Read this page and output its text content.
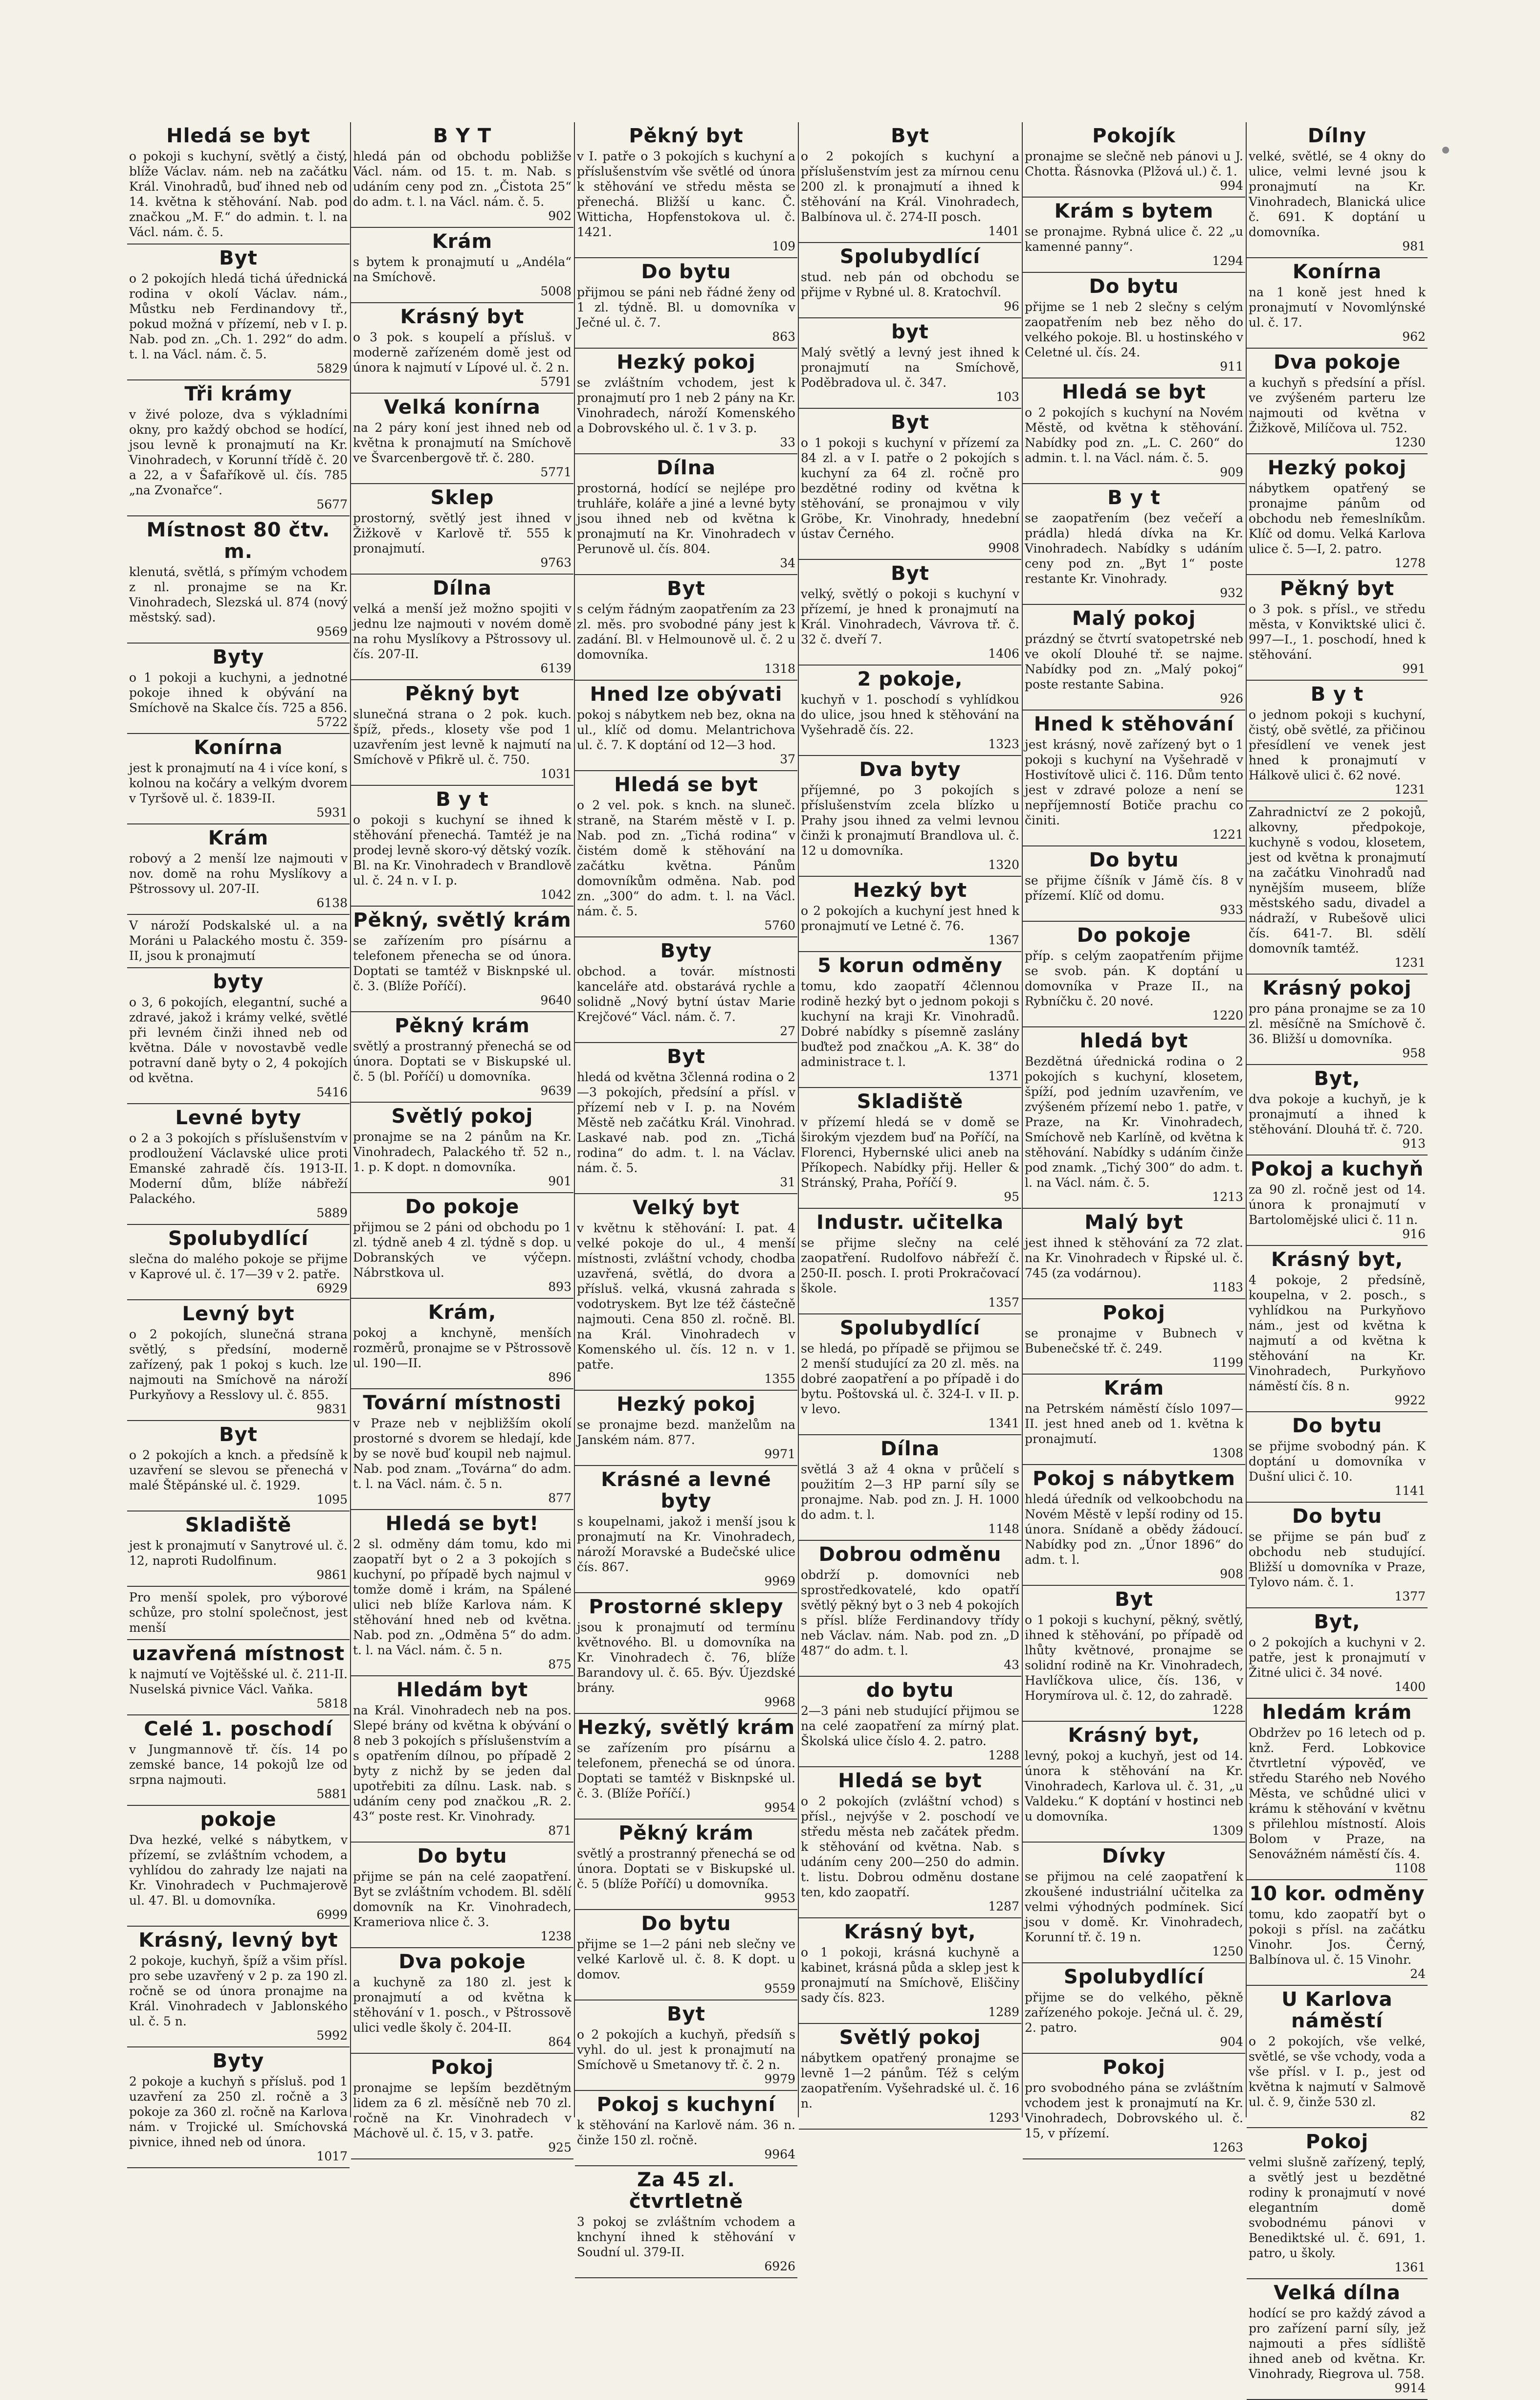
Hledá se byt

o pokoji s kuchyní, světlý a čistý, blíže Václav. nám. neb na začátku Král. Vinohradů, buď ihned neb od 14. května k stěhování. Nab. pod značkou „M. F.“ do admin. t. l. na Václ. nám. č. 5.

Byt

o 2 pokojích hledá tichá úřednická rodina v okolí Václav. nám., Můstku neb Ferdinandovy tř., pokud možná v přízemí, neb v I. p. Nab. pod zn. „Ch. 1. 292“ do adm. t. l. na Václ. nám. č. 5.

5829
Tři krámy

v živé poloze, dva s výkladními okny, pro každý obchod se hodící, jsou levně k pronajmutí na Kr. Vinohradech, v Korunní třídě č. 20 a 22, a v Šafaříkově ul. čís. 785 „na Zvonařce“.

5677
Místnost 80 čtv. m.

klenutá, světlá, s přímým vchodem z nl. pronajme se na Kr. Vinohradech, Slezská ul. 874 (nový městský. sad).

9569
Byty

o 1 pokoji a kuchyni, a jednotné pokoje ihned k obývání na Smíchově na Skalce čís. 725 a 856.

5722
Konírna

jest k pronajmutí na 4 i více koní, s kolnou na kočáry a velkým dvorem v Tyršově ul. č. 1839-II.

5931
Krám

robový a 2 menší lze najmouti v nov. domě na rohu Myslíkovy a Pštrossovy ul. 207-II.

6138

V nároží Podskalské ul. a na Moráni u Palackého mostu č. 359-II, jsou k pronajmutí

byty

o 3, 6 pokojích, elegantní, suché a zdravé, jakož i krámy velké, světlé při levném činži ihned neb od května. Dále v novostavbě vedle potravní daně byty o 2, 4 pokojích od května.

5416
Levné byty

o 2 a 3 pokojích s příslušenstvím v prodloužení Václavské ulice proti Emanské zahradě čís. 1913-II. Moderní dům, blíže nábřeží Palackého.

5889
Spolubydlící

slečna do malého pokoje se přijme v Kaprové ul. č. 17—39 v 2. patře.

6929
Levný byt

o 2 pokojích, slunečná strana světlý, s předsíní, moderně zařízený, pak 1 pokoj s kuch. lze najmouti na Smíchově na nároží Purkyňovy a Resslovy ul. č. 855.

9831
Byt

o 2 pokojích a knch. a předsíně k uzavření se slevou se přenechá v malé Štěpánské ul. č. 1929.

1095
Skladiště

jest k pronajmutí v Sanytrové ul. č. 12, naproti Rudolfinum.

9861

Pro menší spolek, pro výborové schůze, pro stolní společnost, jest menší

uzavřená místnost

k najmutí ve Vojtěšské ul. č. 211-II. Nuselská pivnice Václ. Vaňka.

5818
Celé 1. poschodí

v Jungmannově tř. čís. 14 po zemské bance, 14 pokojů lze od srpna najmouti.

5881
pokoje

Dva hezké, velké s nábytkem, v přízemí, se zvláštním vchodem, a vyhlídou do zahrady lze najati na Kr. Vinohradech v Puchmajerově ul. 47. Bl. u domovníka.

6999
Krásný, levný byt

2 pokoje, kuchyň, špíž a všim přísl. pro sebe uzavřený v 2 p. za 190 zl. ročně se od února pronajme na Král. Vinohradech v Jablonského ul. č. 5 n.

5992
Byty

2 pokoje a kuchyň s přísluš. pod 1 uzavření za 250 zl. ročně a 3 pokoje za 360 zl. ročně na Karlova nám. v Trojické ul. Smíchovská pivnice, ihned neb od února.

1017
B Y T

hledá pán od obchodu pobližše Václ. nám. od 15. t. m. Nab. s udáním ceny pod zn. „Čistota 25“ do adm. t. l. na Václ. nám. č. 5.

902
Krám

s bytem k pronajmutí u „Andéla“ na Smíchově.

5008
Krásný byt

o 3 pok. s koupelí a přísluš. v moderně zařízeném domě jest od února k najmutí v Lípové ul. č. 2 n.

5791
Velká konírna

na 2 páry koní jest ihned neb od května k pronajmutí na Smíchově ve Švarcenbergově tř. č. 280.

5771
Sklep

prostorný, světlý jest ihned v Žižkově v Karlově tř. 555 k pronajmutí.

9763
Dílna

velká a menší jež možno spojiti v jednu lze najmouti v novém domě na rohu Myslíkovy a Pštrossovy ul. čís. 207-II.

6139
Pěkný byt

slunečná strana o 2 pok. kuch. špíž, předs., klosety vše pod 1 uzavřením jest levně k najmutí na Smíchově v Pfikrě ul. č. 750.

1031
B y t

o pokoji s kuchyní se ihned k stěhování přenechá. Tamtéž je na prodej levně skoro-vý dětský vozík. Bl. na Kr. Vinohradech v Brandlově ul. č. 24 n. v I. p.

1042
Pěkný, světlý krám

se zařízením pro písárnu a telefonem přenecha se od února. Doptati se tamtéž v Bisknpské ul. č. 3. (Blíže Poříčí).

9640
Pěkný krám

světlý a prostranný přenechá se od února. Doptati se v Biskupské ul. č. 5 (bl. Poříčí) u domovníka.

9639
Světlý pokoj

pronajme se na 2 pánům na Kr. Vinohradech, Palackého tř. 52 n., 1. p. K dopt. n domovníka.

901
Do pokoje

přijmou se 2 páni od obchodu po 1 zl. týdně aneb 4 zl. týdně s dop. u Dobranských ve výčepn. Nábrstkova ul.

893
Krám,

pokoj a knchyně, menších rozměrů, pronajme se v Pštrossově ul. 190—II.

896
Tovární místnosti

v Praze neb v nejbližším okolí prostorné s dvorem se hledají, kde by se nově buď koupil neb najmul. Nab. pod znam. „Továrna“ do adm. t. l. na Václ. nám. č. 5 n.

877
Hledá se byt!

2 sl. odměny dám tomu, kdo mi zaopatří byt o 2 a 3 pokojích s kuchyní, po případě bych najmul v tomže domě i krám, na Spálené ulici neb blíže Karlova nám. K stěhování hned neb od května. Nab. pod zn. „Odměna 5“ do adm. t. l. na Václ. nám. č. 5 n.

875
Hledám byt

na Král. Vinohradech neb na pos. Slepé brány od května k obývání o 8 neb 3 pokojích s příslušenstvím a s opatřením dílnou, po případě 2 byty z nichž by se jeden dal upotřebiti za dílnu. Lask. nab. s udáním ceny pod značkou „R. 2. 43“ poste rest. Kr. Vinohrady.

871
Do bytu

přijme se pán na celé zaopatření. Byt se zvláštním vchodem. Bl. sdělí domovník na Kr. Vinohradech, Krameriova nlice č. 3.

1238
Dva pokoje

a kuchyně za 180 zl. jest k pronajmutí a od května k stěhování v 1. posch., v Pštrossově ulici vedle školy č. 204-II.

864
Pokoj

pronajme se lepším bezdětným lidem za 6 zl. měsíčně neb 70 zl. ročně na Kr. Vinohradech v Máchově ul. č. 15, v 3. patře.

925
Pěkný byt

v I. patře o 3 pokojích s kuchyní a příslušenstvím vše světlé od února k stěhování ve středu města se přenechá. Bližší u kanc. Č. Witticha, Hopfenstokova ul. č. 1421.

109
Do bytu

přijmou se páni neb řádné ženy od 1 zl. týdně. Bl. u domovníka v Ječné ul. č. 7.

863
Hezký pokoj

se zvláštním vchodem, jest k pronajmutí pro 1 neb 2 pány na Kr. Vinohradech, nároží Komenského a Dobrovského ul. č. 1 v 3. p.

33
Dílna

prostorná, hodící se nejlépe pro truhláře, koláře a jiné a levné byty jsou ihned neb od května k pronajmutí na Kr. Vinohradech v Perunově ul. čís. 804.

34
Byt

s celým řádným zaopatřením za 23 zl. měs. pro svobodné pány jest k zadání. Bl. v Helmounově ul. č. 2 u domovníka.

1318
Hned lze obývati

pokoj s nábytkem neb bez, okna na ul., klíč od domu. Melantrichova ul. č. 7. K doptání od 12—3 hod.

37
Hledá se byt

o 2 vel. pok. s knch. na sluneč. straně, na Starém městě v I. p. Nab. pod zn. „Tichá rodina“ v čistém domě k stěhování na začátku května. Pánům domovníkům odměna. Nab. pod zn. „300“ do adm. t. l. na Václ. nám. č. 5.

5760
Byty

obchod. a továr. místnosti kanceláře atd. obstarává rychle a solidně „Nový bytní ústav Marie Krejčové“ Václ. nám. č. 7.

27
Byt

hledá od května 3členná rodina o 2—3 pokojích, předsíní a přísl. v přízemí neb v I. p. na Novém Městě neb začátku Král. Vinohrad. Laskavé nab. pod zn. „Tichá rodina“ do adm. t. l. na Václav. nám. č. 5.

31
Velký byt

v květnu k stěhování: I. pat. 4 velké pokoje do ul., 4 menší místnosti, zvláštní vchody, chodba uzavřená, světlá, do dvora a přísluš. velká, vkusná zahrada s vodotryskem. Byt lze též částečně najmouti. Cena 850 zl. ročně. Bl. na Král. Vinohradech v Komenského ul. čís. 12 n. v 1. patře.

1355
Hezký pokoj

se pronajme bezd. manželům na Janském nám. 877.

9971
Krásné a levné byty

s koupelnami, jakož i menší jsou k pronajmutí na Kr. Vinohradech, nároží Moravské a Budečské ulice čís. 867.

9969
Prostorné sklepy

jsou k pronajmutí od termínu květnového. Bl. u domovníka na Kr. Vinohradech č. 76, blíže Barandovy ul. č. 65. Býv. Újezdské brány.

9968
Hezký, světlý krám

se zařízením pro písárnu a telefonem, přenechá se od února. Doptati se tamtéž v Bisknpské ul. č. 3. (Blíže Poříčí.)

9954
Pěkný krám

světlý a prostranný přenechá se od února. Doptati se v Biskupské ul. č. 5 (blíže Poříčí) u domovníka.

9953
Do bytu

přijme se 1—2 páni neb slečny ve velké Karlově ul. č. 8. K dopt. u domov.

9559
Byt

o 2 pokojích a kuchyň, předsíň s vyhl. do ul. jest k pronajmutí na Smíchově u Smetanovy tř. č. 2 n.

9979
Pokoj s kuchyní

k stěhování na Karlově nám. 36 n. činže 150 zl. ročně.

9964
Za 45 zl. čtvrtletně

3 pokoj se zvláštním vchodem a knchyní ihned k stěhování v Soudní ul. 379-II.

6926
Byt

o 2 pokojích s kuchyní a příslušenstvím jest za mírnou cenu 200 zl. k pronajmutí a ihned k stěhování na Král. Vinohradech, Balbínova ul. č. 274-II posch.

1401
Spolubydlící

stud. neb pán od obchodu se přijme v Rybné ul. 8. Kratochvíl.

96
byt

Malý světlý a levný jest ihned k pronajmutí na Smíchově, Poděbradova ul. č. 347.

103
Byt

o 1 pokoji s kuchyní v přízemí za 84 zl. a v I. patře o 2 pokojích s kuchyní za 64 zl. ročně pro bezdětné rodiny od května k stěhování, se pronajmou v vily Gröbe, Kr. Vinohrady, hnedební ústav Černého.

9908
Byt

velký, světlý o pokoji s kuchyní v přízemí, je hned k pronajmutí na Král. Vinohradech, Vávrova tř. č. 32 č. dveří 7.

1406
2 pokoje,

kuchyň v 1. poschodí s vyhlídkou do ulice, jsou hned k stěhování na Vyšehradě čís. 22.

1323
Dva byty

příjemné, po 3 pokojích s příslušenstvím zcela blízko u Prahy jsou ihned za velmi levnou činži k pronajmutí Brandlova ul. č. 12 u domovníka.

1320
Hezký byt

o 2 pokojích a kuchyní jest hned k pronajmutí ve Letné č. 76.

1367
5 korun odměny

tomu, kdo zaopatří 4člennou rodině hezký byt o jednom pokoji s kuchyní na kraji Kr. Vinohradů. Dobré nabídky s písemně zaslány buďtež pod značkou „A. K. 38“ do administrace t. l.

1371
Skladiště

v přízemí hledá se v domě se širokým vjezdem buď na Poříčí, na Florenci, Hybernské ulici aneb na Příkopech. Nabídky přij. Heller & Stránský, Praha, Poříčí 9.

95
Industr. učitelka

se přijme slečny na celé zaopatření. Rudolfovo nábřeží č. 250-II. posch. I. proti Prokračovací škole.

1357
Spolubydlící

se hledá, po případě se přijmou se 2 menší studující za 20 zl. měs. na dobré zaopatření a po případě i do bytu. Poštovská ul. č. 324-I. v II. p. v levo.

1341
Dílna

světlá 3 až 4 okna v průčelí s použitím 2—3 HP parní síly se pronajme. Nab. pod zn. J. H. 1000 do adm. t. l.

1148
Dobrou odměnu

obdrží p. domovníci neb sprostředkovatelé, kdo opatří světlý pěkný byt o 3 neb 4 pokojích s přísl. blíže Ferdinandovy třídy neb Václav. nám. Nab. pod zn. „D 487“ do adm. t. l.

43
do bytu

2—3 páni neb studující přijmou se na celé zaopatření za mírný plat. Školská ulice číslo 4. 2. patro.

1288
Hledá se byt

o 2 pokojích (zvláštní vchod) s přísl., nejvýše v 2. poschodí ve středu města neb začátek předm. k stěhování od května. Nab. s udáním ceny 200—250 do admin. t. listu. Dobrou odměnu dostane ten, kdo zaopatří.

1287
Krásný byt,

o 1 pokoji, krásná kuchyně a kabinet, krásná půda a sklep jest k pronajmutí na Smíchově, Eliščiny sady čís. 823.

1289
Světlý pokoj

nábytkem opatřený pronajme se levně 1—2 pánům. Též s celým zaopatřením. Vyšehradské ul. č. 16 n.

1293
Pokojík

pronajme se slečně neb pánovi u J. Chotta. Řásnovka (Plžová ul.) č. 1.

994
Krám s bytem

se pronajme. Rybná ulice č. 22 „u kamenné panny“.

1294
Do bytu

přijme se 1 neb 2 slečny s celým zaopatřením neb bez něho do velkého pokoje. Bl. u hostinského v Celetné ul. čís. 24.

911
Hledá se byt

o 2 pokojích s kuchyní na Novém Městě, od května k stěhování. Nabídky pod zn. „L. C. 260“ do admin. t. l. na Václ. nám. č. 5.

909
B y t

se zaopatřením (bez večeří a prádla) hledá dívka na Kr. Vinohradech. Nabídky s udáním ceny pod zn. „Byt 1“ poste restante Kr. Vinohrady.

932
Malý pokoj

prázdný se čtvrtí svatopetrské neb ve okolí Dlouhé tř. se najme. Nabídky pod zn. „Malý pokoj“ poste restante Sabina.

926
Hned k stěhování

jest krásný, nově zařízený byt o 1 pokoji s kuchyní na Vyšehradě v Hostivítově ulici č. 116. Dům tento jest v zdravé poloze a není se nepříjemností Botiče prachu co činiti.

1221
Do bytu

se přijme číšník v Jámě čís. 8 v přízemí. Klíč od domu.

933
Do pokoje

příp. s celým zaopatřením přijme se svob. pán. K doptání u domovníka v Praze II., na Rybníčku č. 20 nové.

1220
hledá byt

Bezdětná úřednická rodina o 2 pokojích s kuchyní, klosetem, špíží, pod jedním uzavřením, ve zvýšeném přízemí nebo 1. patře, v Praze, na Kr. Vinohradech, Smíchově neb Karlíně, od května k stěhování. Nabídky s udáním činže pod znamk. „Tichý 300“ do adm. t. l. na Václ. nám. č. 5.

1213
Malý byt

jest ihned k stěhování za 72 zlat. na Kr. Vinohradech v Řipské ul. č. 745 (za vodárnou).

1183
Pokoj

se pronajme v Bubnech v Bubenečské tř. č. 249.

1199
Krám

na Petrském náměstí číslo 1097—II. jest hned aneb od 1. května k pronajmutí.

1308
Pokoj s nábytkem

hledá úředník od velkoobchodu na Novém Městě v lepší rodiny od 15. února. Snídaně a obědy žádoucí. Nabídky pod zn. „Únor 1896“ do adm. t. l.

908
Byt

o 1 pokoji s kuchyní, pěkný, světlý, ihned k stěhování, po případě od lhůty květnové, pronajme se solidní rodině na Kr. Vinohradech, Havlíčkova ulice, čís. 136, v Horymírova ul. č. 12, do zahradě.

1228
Krásný byt,

levný, pokoj a kuchyň, jest od 14. února k stěhování na Kr. Vinohradech, Karlova ul. č. 31, „u Valdeku.“ K doptání v hostinci neb u domovníka.

1309
Dívky

se přijmou na celé zaopatření k zkoušené industriální učitelka za velmi výhodných podmínek. Sicí jsou v domě. Kr. Vinohradech, Korunní tř. č. 19 n.

1250
Spolubydlící

přijme se do velkého, pěkně zařízeného pokoje. Ječná ul. č. 29, 2. patro.

904
Pokoj

pro svobodného pána se zvláštním vchodem jest k pronajmutí na Kr. Vinohradech, Dobrovského ul. č. 15, v přízemí.

1263
Dílny

velké, světlé, se 4 okny do ulice, velmi levné jsou k pronajmutí na Kr. Vinohradech, Blanická ulice č. 691. K doptání u domovníka.

981
Konírna

na 1 koně jest hned k pronajmutí v Novomlýnské ul. č. 17.

962
Dva pokoje

a kuchyň s předsíní a přísl. ve zvýšeném parteru lze najmouti od května v Žižkově, Milíčova ul. 752.

1230
Hezký pokoj

nábytkem opatřený se pronajme pánům od obchodu neb řemeslníkům. Klíč od domu. Velká Karlova ulice č. 5—I, 2. patro.

1278
Pěkný byt

o 3 pok. s přísl., ve středu města, v Konviktské ulici č. 997—I., 1. poschodí, hned k stěhování.

991
B y t

o jednom pokoji s kuchyní, čistý, obě světlé, za přičinou přesídlení ve venek jest hned k pronajmutí v Hálkově ulici č. 62 nové.

1231

Zahradnictví ze 2 pokojů, alkovny, předpokoje, kuchyně s vodou, klosetem, jest od května k pronajmutí na začátku Vinohradů nad nynějším museem, blíže městského sadu, divadel a nádraží, v Rubešově ulici čís. 641-7. Bl. sdělí domovník tamtéž.

1231
Krásný pokoj

pro pána pronajme se za 10 zl. měsíčně na Smíchově č. 36. Bližší u domovníka.

958
Byt,

dva pokoje a kuchyň, je k pronajmutí a ihned k stěhování. Dlouhá tř. č. 720.

913
Pokoj a kuchyň

za 90 zl. ročně jest od 14. února k pronajmutí v Bartolomějské ulici č. 11 n.

916
Krásný byt,

4 pokoje, 2 předsíně, koupelna, v 2. posch., s vyhlídkou na Purkyňovo nám., jest od května k najmutí a od května k stěhování na Kr. Vinohradech, Purkyňovo náměstí čís. 8 n.

9922
Do bytu

se přijme svobodný pán. K doptání u domovníka v Dušní ulici č. 10.

1141
Do bytu

se přijme se pán buď z obchodu neb studující. Bližší u domovníka v Praze, Tylovo nám. č. 1.

1377
Byt,

o 2 pokojích a kuchyni v 2. patře, jest k pronajmutí v Žitné ulici č. 34 nové.

1400
hledám krám

Obdržev po 16 letech od p. knž. Ferd. Lobkovice čtvrtletní výpověď, ve středu Starého neb Nového Města, ve schůdné ulici v krámu k stěhování v květnu s přilehlou místností. Alois Bolom v Praze, na Senovážném náměstí čís. 4.

1108
10 kor. odměny

tomu, kdo zaopatří byt o pokoji s přísl. na začátku Vinohr. Jos. Černý, Balbínova ul. č. 15 Vinohr.

24
U Karlova náměstí

o 2 pokojích, vše velké, světlé, se vše vchody, voda a vše přísl. v I. p., jest od května k najmutí v Salmově ul. č. 9, činže 530 zl.

82
Pokoj

velmi slušně zařízený, teplý, a světlý jest u bezdětné rodiny k pronajmutí v nové elegantním domě svobodnému pánovi v Benediktské ul. č. 691, 1. patro, u školy.

1361
Velká dílna

hodící se pro každý závod a pro zařízení parní síly, jež najmouti a přes sídliště ihned aneb od května. Kr. Vinohrady, Riegrova ul. 758.

9914
